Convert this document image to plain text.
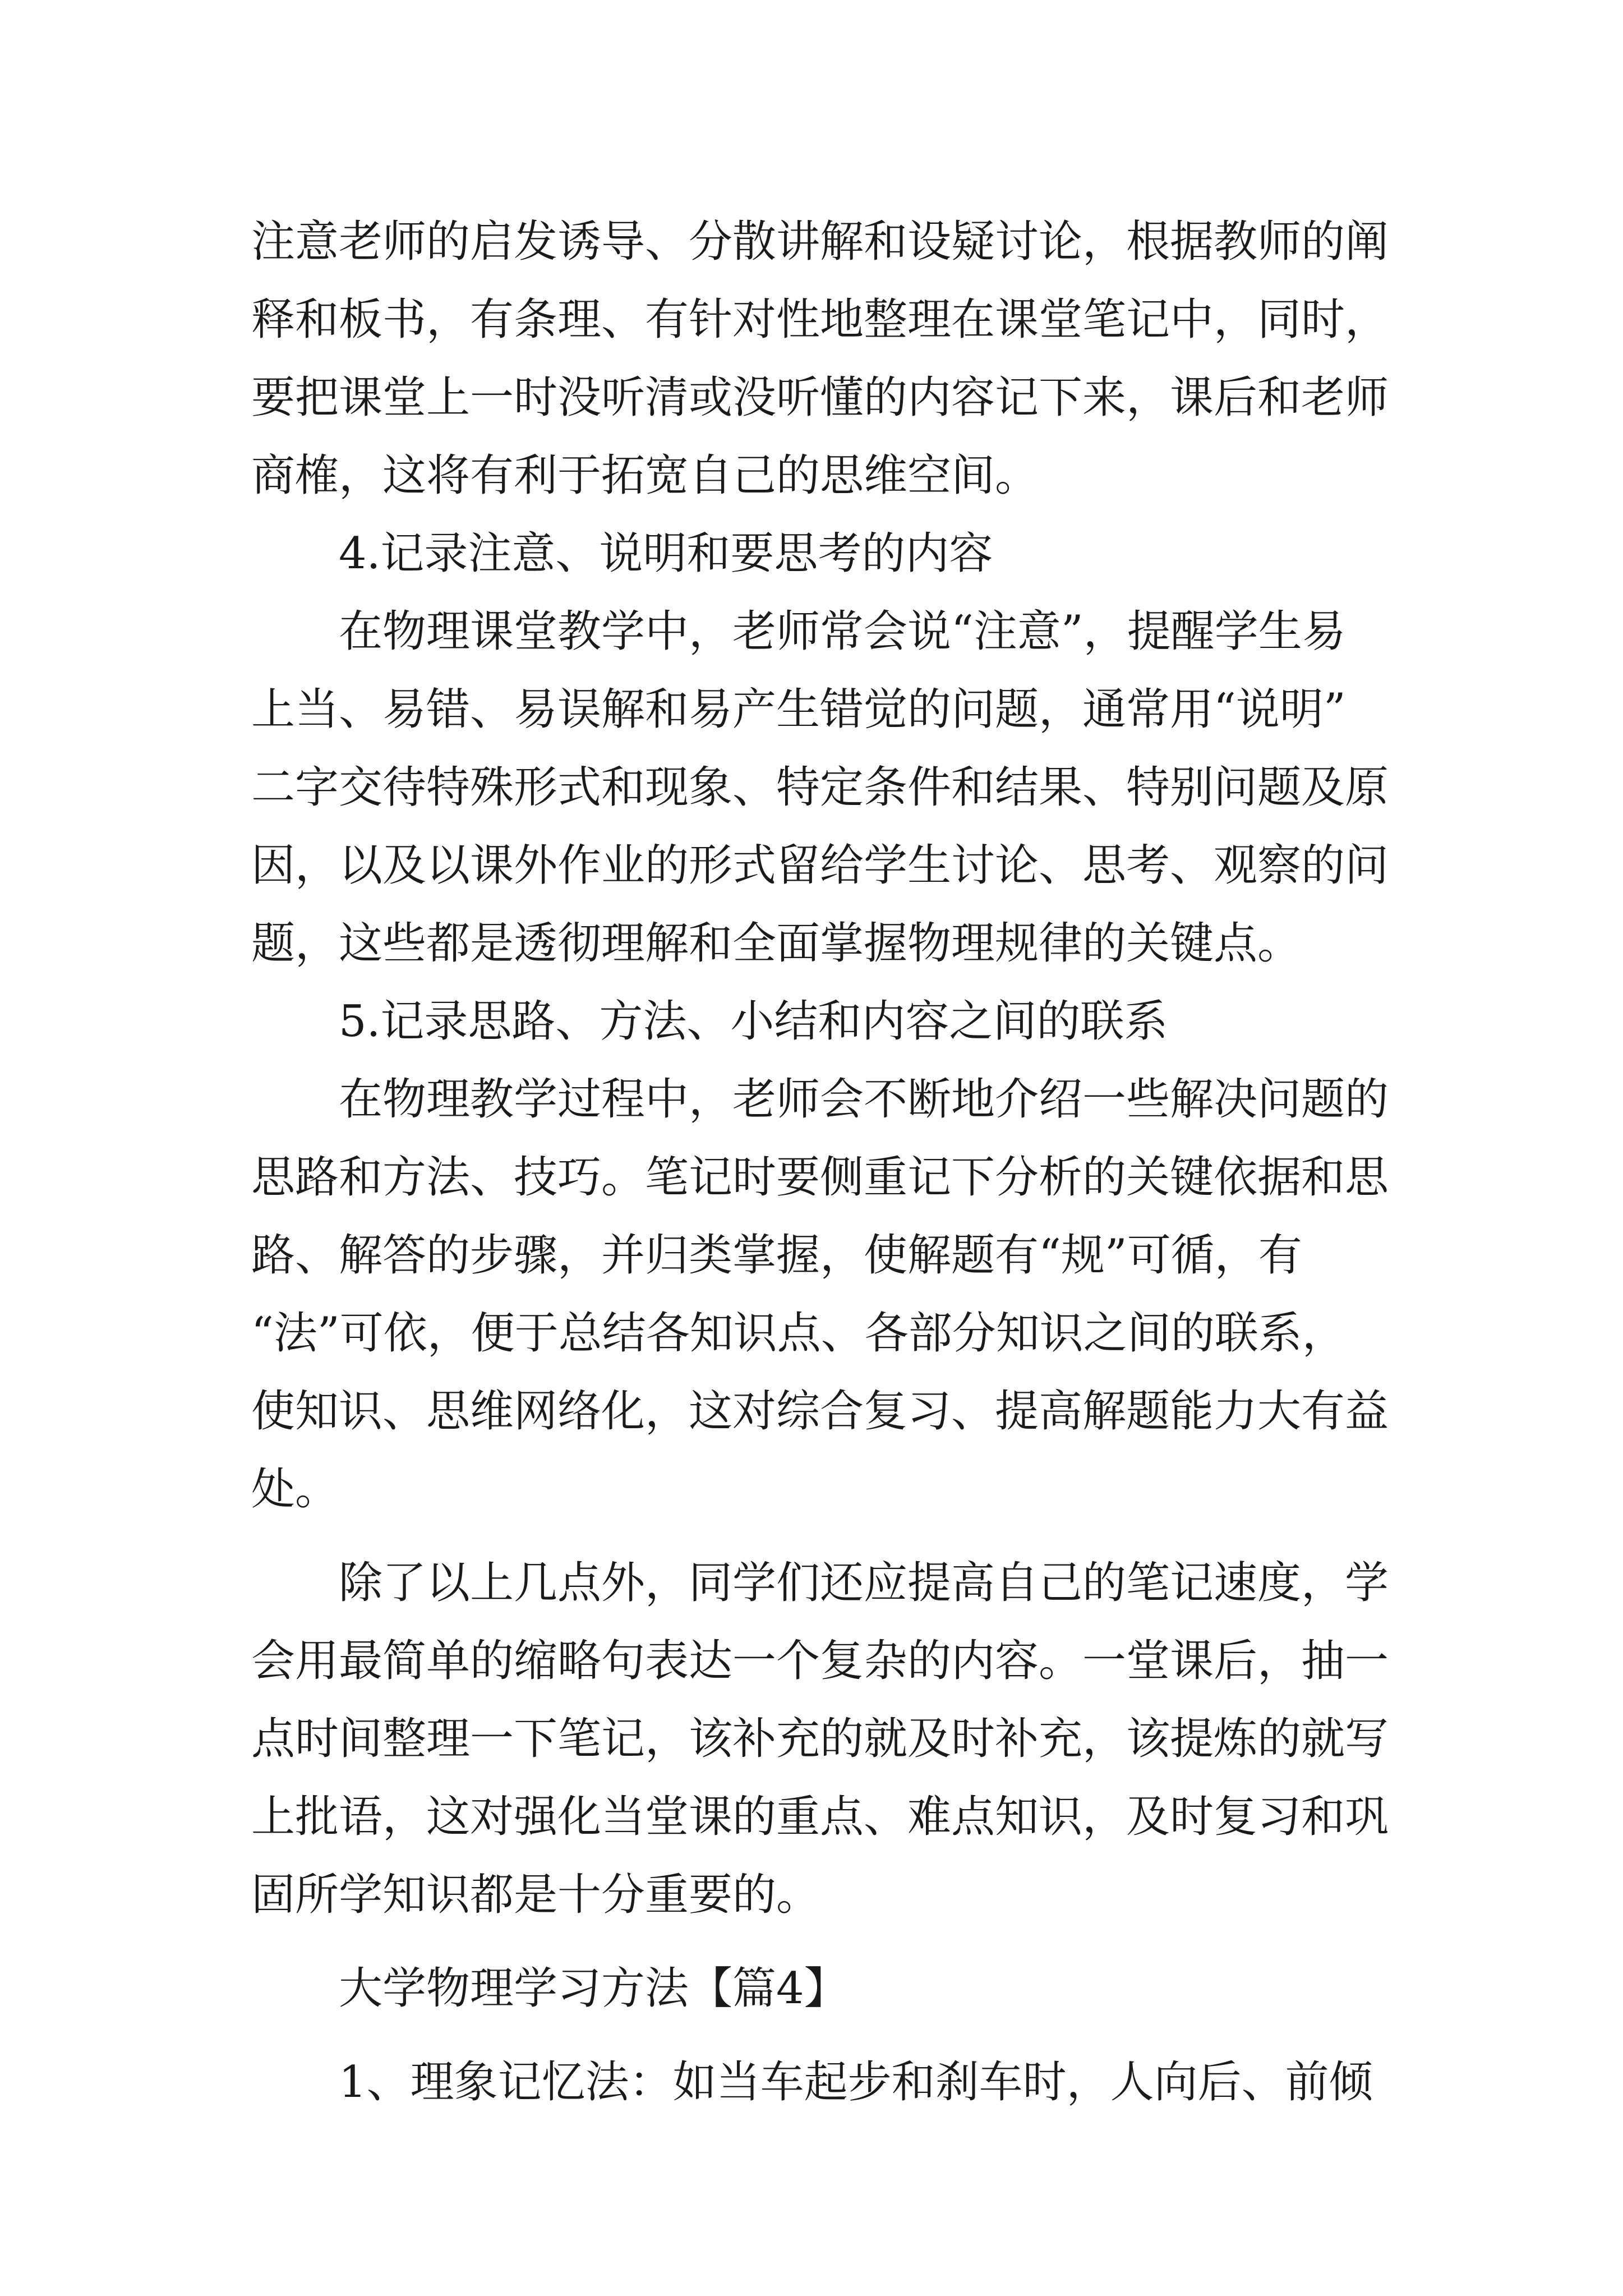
注意老师的启发诱导、分散讲解和设疑讨论，根据教师的阐
释和板书，有条理、有针对性地整理在课堂笔记中，同时，
要把课堂上一时没听清或没听懂的内容记下来，课后和老师
商榷，这将有利于拓宽自己的思维空间。
4.记录注意、说明和要思考的内容
在物理课堂教学中，老师常会说“注意”，提醒学生易
上当、易错、易误解和易产生错觉的问题，通常用“说明”
二字交待特殊形式和现象、特定条件和结果、特别问题及原
因，以及以课外作业的形式留给学生讨论、思考、观察的问
题，这些都是透彻理解和全面掌握物理规律的关键点。
5.记录思路、方法、小结和内容之间的联系
在物理教学过程中，老师会不断地介绍一些解决问题的
思路和方法、技巧。笔记时要侧重记下分析的关键依据和思
路、解答的步骤，并归类掌握，使解题有“规”可循，有
“法”可依，便于总结各知识点、各部分知识之间的联系，
使知识、思维网络化，这对综合复习、提高解题能力大有益
处。
除了以上几点外，同学们还应提高自己的笔记速度，学
会用最简单的缩略句表达一个复杂的内容。一堂课后，抽一
点时间整理一下笔记，该补充的就及时补充，该提炼的就写
上批语，这对强化当堂课的重点、难点知识，及时复习和巩
固所学知识都是十分重要的。
大学物理学习方法【篇4】
1、理象记忆法：如当车起步和刹车时，人向后、前倾
